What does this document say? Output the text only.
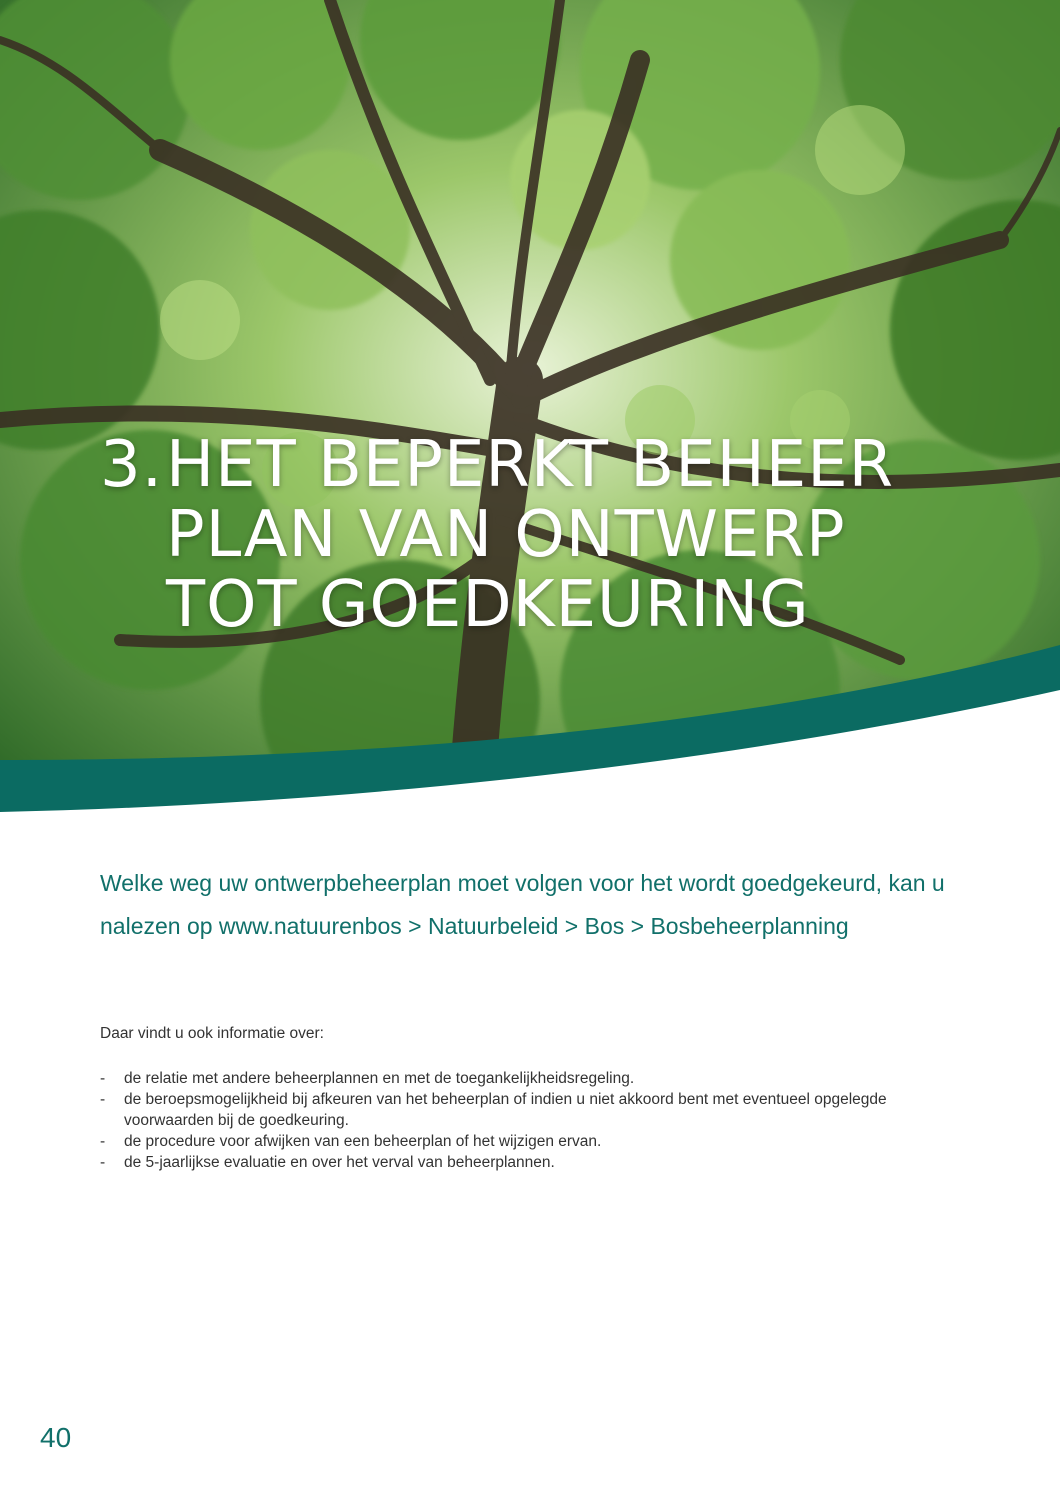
3.HET BEPERKT BEHEER
PLAN VAN ONTWERP
TOT GOEDKEURING

Welke weg uw ontwerpbeheerplan moet volgen voor het wordt goedgekeurd, kan u nalezen op www.natuurenbos > Natuurbeleid > Bos > Bosbeheerplanning

Daar vindt u ook informatie over:

- de relatie met andere beheerplannen en met de toegankelijkheidsregeling.
- de beroepsmogelijkheid bij afkeuren van het beheerplan of indien u niet akkoord bent met eventueel opgelegde voorwaarden bij de goedkeuring.
- de procedure voor afwijken van een beheerplan of het wijzigen ervan.
- de 5-jaarlijkse evaluatie en over het verval van beheerplannen.

40
